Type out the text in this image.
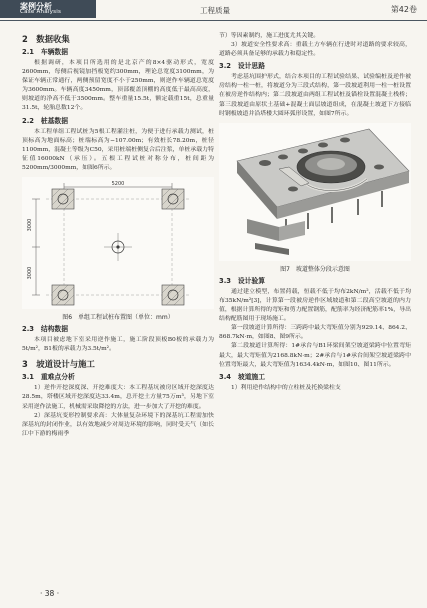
案例分析
Case Analysis	工程质量	第42卷
2　数据收集
2.1　车辆数据

根据调研，本项目所选用的是北京产的8×4驱动形式，宽度2600mm，每侧后视镜加挡板宽约300mm，理论总宽度3100mm，为保证车辆正常通行，两侧预留宽度不小于250mm，则逆作车辆道总宽度为3600mm。车辆高度3450mm，顶部覆盖顶棚的高度低于最高高度，则坡道的净高不低于3500mm。整车重量15.5t，额定载重15t，总重量31.5t，轮胎总数12个。

2.2　桩基数据

本工程单组工程试桩为5根工程灌注桩，为便于进行承载力测试，桩顶标高为地面标高；桩端标高为−107.00m；有效桩长78.20m，桩径1100mm，混凝土等级为C50，采用桩端桩侧复合后注浆，单桩承载力特征值16000kN（承压）。五根工程试桩对称分布，桩间距为5200mm/3000mm，如图6所示。

5200
3000
3000
图6　单组工程试桩布置图（单位：mm）
2.3　结构数据

本项目被虑地下室采用逆作施工，施工阶段顶板B0板的承载力为5t/m²，B1板的承载力为3.5t/m²。

3　坡道设计与施工
3.1　重难点分析

1）逆作开挖深度深、开挖难度大：本工程基坑被房区域开挖深度达28.5m，塔楼区域开挖深度达33.4m，总开挖土方量75万m³，另地下室采用逆作法施工，机械需采取降挖的方法，进一步加大了开挖的难度。

2）深基坑变形控制要求高：大体量复杂环境下的深基坑工程需加快深基坑的封闭作业，以有效地减少对周边环境的影响，同时受天气（如长江中下游的梅雨季

节）等因素制约，施工进度尤其关键。

3）坡道安全性要求高：重载土方车辆在行进时对道路的要求较高，道路必须具备足够的承载力和稳定性。

3.2　设计思路

考虑基坑围护形式，结合本项目的工程试验结果、试验编桩及逆作被房结构一柱一桩，将坡道分为三段式结构，第一段坡道利用一柱一桩设置在被房逆作结构内；第二段坡道由两组工程试桩及锚栓设置混凝土栈桥；第三段坡道由原状土基础+混凝土面层坡道组成，在混凝土坡道下方接临时钢板坡道并沿塔楼大圆环弧形设置，如图7所示。

图7　坡道整体分段示意图
3.3　设计验算

通过建立模型，布置荷载，恒载不低于均布2kN/m²，活载不低于均布35kN/m²[3]，计算第一段被房逆作区域坡道和第二段高空坡道的内力值，根据计算所得的弯矩和剪力配置钢筋，配筋率为经济配筋率1%，导出结构配筋图用于现场施工。

第一段坡道计算所得：三跨跨中最大弯矩值分别为929.14、864.2、868.7kN·m，如图8、图9所示。

第二段坡道计算所得：1#承台与B1环梁间架空坡道梁跨中位置弯矩最大，最大弯矩值为2168.8kN·m；2#承台与1#承台间架空坡道梁跨中位置弯矩最大，最大弯矩值为1634.4kN·m，如图10、图11所示。

3.4　坡道施工

1）利用逆作结构中的立柱桩及托换梁柱支

· 38 ·
